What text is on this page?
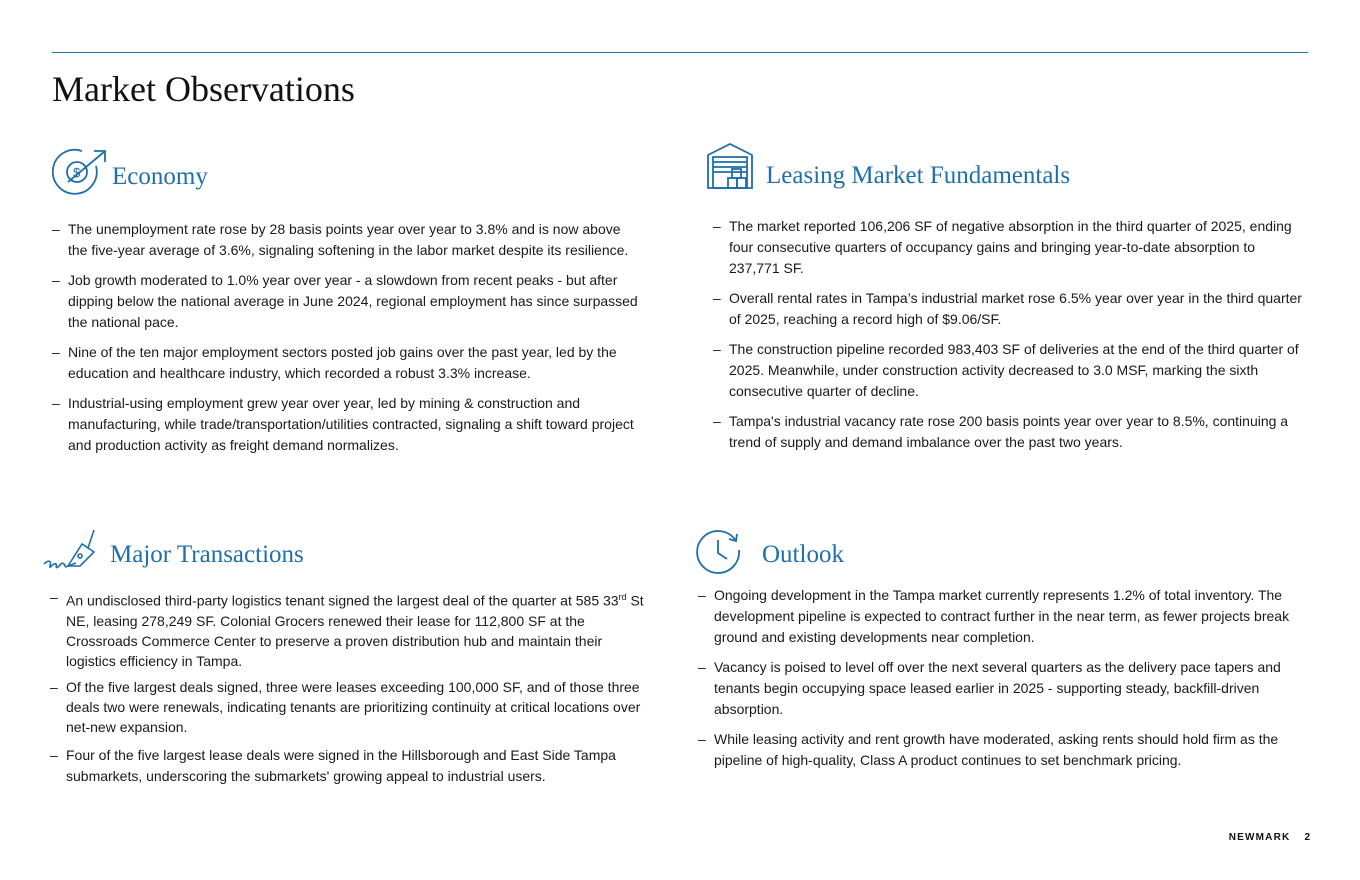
Market Observations
$ Economy
– The unemployment rate rose by 28 basis points year over year to 3.8% and is now above the five-year average of 3.6%, signaling softening in the labor market despite its resilience.
– Job growth moderated to 1.0% year over year - a slowdown from recent peaks - but after dipping below the national average in June 2024, regional employment has since surpassed the national pace.
– Nine of the ten major employment sectors posted job gains over the past year, led by the education and healthcare industry, which recorded a robust 3.3% increase.
– Industrial-using employment grew year over year, led by mining & construction and manufacturing, while trade/transportation/utilities contracted, signaling a shift toward project and production activity as freight demand normalizes.
Leasing Market Fundamentals
– The market reported 106,206 SF of negative absorption in the third quarter of 2025, ending four consecutive quarters of occupancy gains and bringing year-to-date absorption to 237,771 SF.
– Overall rental rates in Tampa’s industrial market rose 6.5% year over year in the third quarter of 2025, reaching a record high of $9.06/SF.
– The construction pipeline recorded 983,403 SF of deliveries at the end of the third quarter of 2025. Meanwhile, under construction activity decreased to 3.0 MSF, marking the sixth consecutive quarter of decline.
– Tampa's industrial vacancy rate rose 200 basis points year over year to 8.5%, continuing a trend of supply and demand imbalance over the past two years.
Major Transactions
– An undisclosed third-party logistics tenant signed the largest deal of the quarter at 585 33rd St NE, leasing 278,249 SF. Colonial Grocers renewed their lease for 112,800 SF at the Crossroads Commerce Center to preserve a proven distribution hub and maintain their logistics efficiency in Tampa.
– Of the five largest deals signed, three were leases exceeding 100,000 SF, and of those three deals two were renewals, indicating tenants are prioritizing continuity at critical locations over net-new expansion.
– Four of the five largest lease deals were signed in the Hillsborough and East Side Tampa submarkets, underscoring the submarkets' growing appeal to industrial users.
Outlook
– Ongoing development in the Tampa market currently represents 1.2% of total inventory. The development pipeline is expected to contract further in the near term, as fewer projects break ground and existing developments near completion.
– Vacancy is poised to level off over the next several quarters as the delivery pace tapers and tenants begin occupying space leased earlier in 2025 - supporting steady, backfill-driven absorption.
– While leasing activity and rent growth have moderated, asking rents should hold firm as the pipeline of high-quality, Class A product continues to set benchmark pricing.
NEWMARK 2
